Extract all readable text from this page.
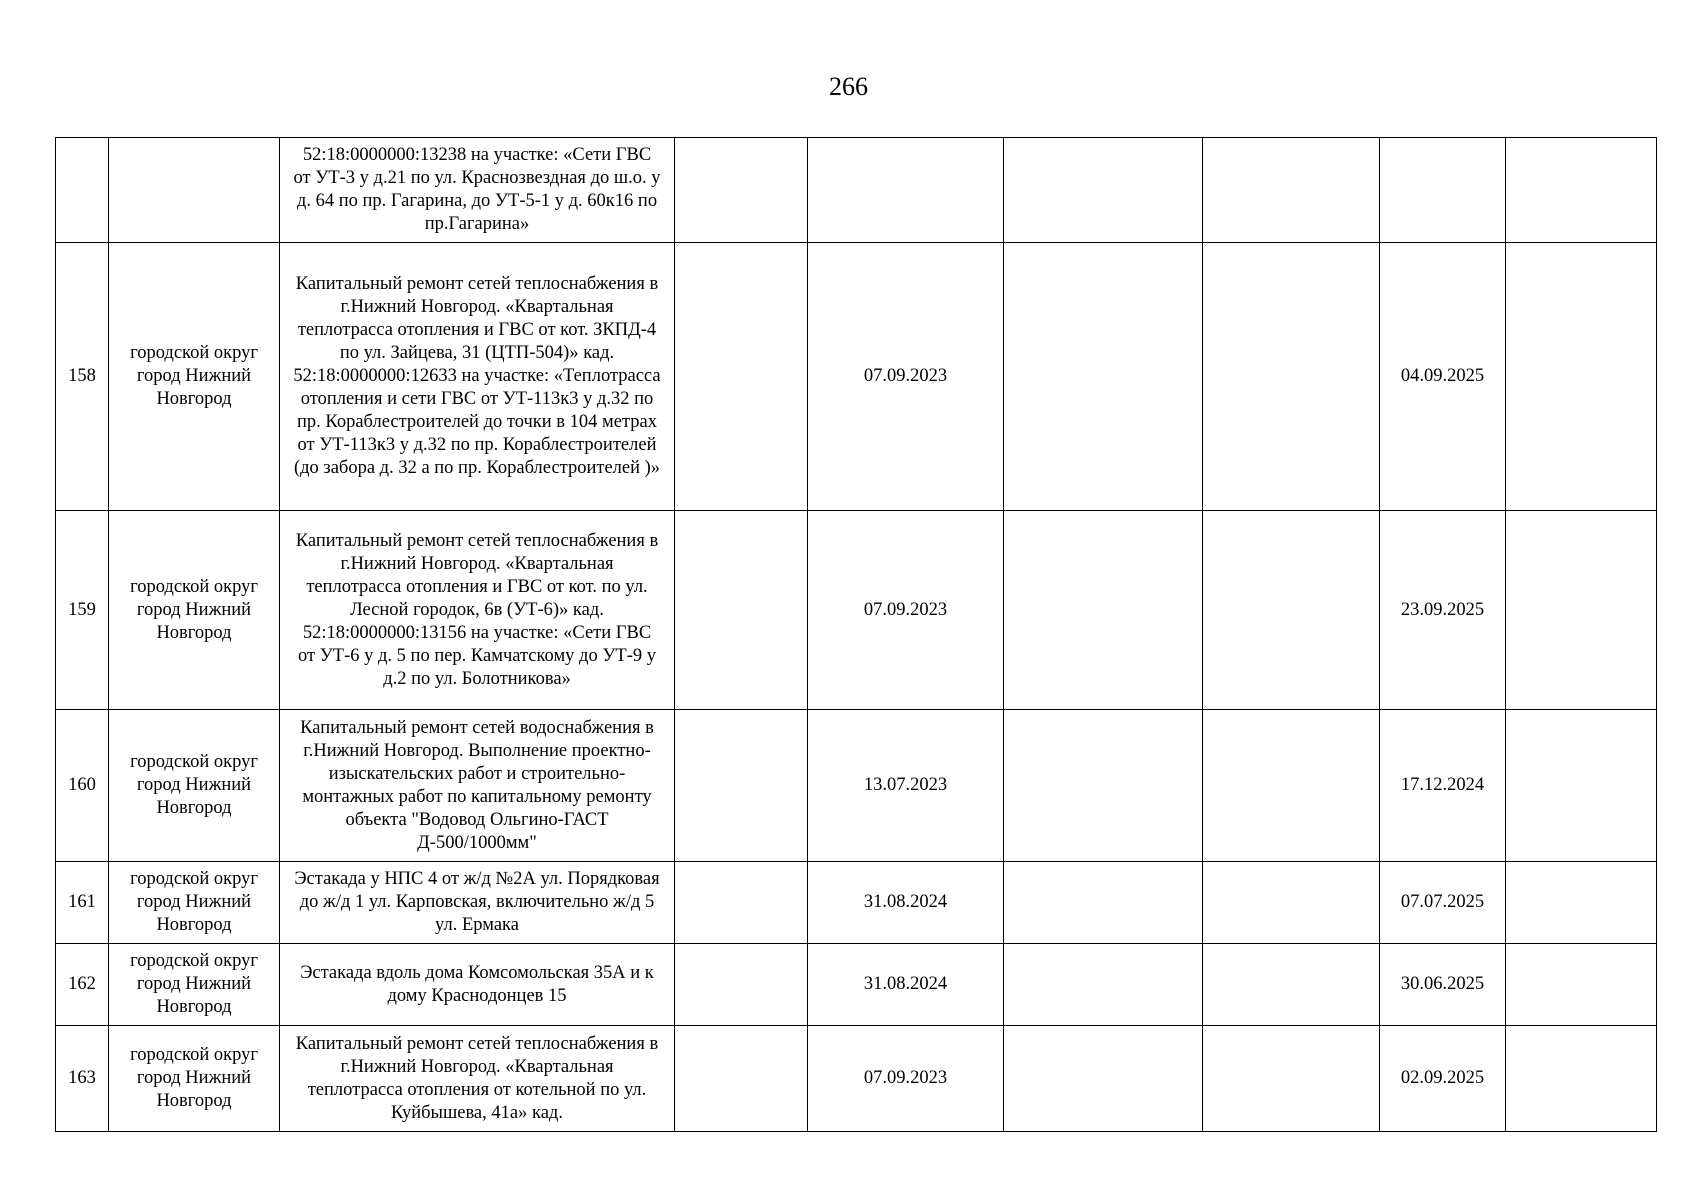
266
		52:18:0000000:13238 на участке: «Сети ГВС от УТ-3 у д.21 по ул. Краснозвездная до ш.о. у д. 64 по пр. Гагарина, до УТ-5-1 у д. 60к16 по пр.Гагарина»						
158	городской округ город Нижний Новгород	Капитальный ремонт сетей теплоснабжения в г.Нижний Новгород. «Квартальная теплотрасса отопления и ГВС от кот. ЗКПД-4 по ул. Зайцева, 31 (ЦТП-504)» кад. 52:18:0000000:12633 на участке: «Теплотрасса отопления и сети ГВС от УТ-113к3 у д.32 по пр. Кораблестроителей до точки в 104 метрах от УТ-113к3 у д.32 по пр. Кораблестроителей (до забора д. 32 а по пр. Кораблестроителей )»		07.09.2023			04.09.2025	
159	городской округ город Нижний Новгород	Капитальный ремонт сетей теплоснабжения в г.Нижний Новгород. «Квартальная теплотрасса отопления и ГВС от кот. по ул. Лесной городок, 6в (УТ-6)» кад. 52:18:0000000:13156 на участке: «Сети ГВС от УТ-6 у д. 5 по пер. Камчатскому до УТ-9 у д.2 по ул. Болотникова»		07.09.2023			23.09.2025	
160	городской округ город Нижний Новгород	Капитальный ремонт сетей водоснабжения в г.Нижний Новгород. Выполнение проектно-изыскательских работ и строительно-монтажных работ по капитальному ремонту объекта "Водовод Ольгино-ГАСТ Д-500/1000мм"		13.07.2023			17.12.2024	
161	городской округ город Нижний Новгород	Эстакада у НПС 4 от ж/д №2А ул. Порядковая до ж/д 1 ул. Карповская, включительно ж/д 5 ул. Ермака		31.08.2024			07.07.2025	
162	городской округ город Нижний Новгород	Эстакада вдоль дома Комсомольская 35А и к дому Краснодонцев 15		31.08.2024			30.06.2025	
163	городской округ город Нижний Новгород	Капитальный ремонт сетей теплоснабжения в г.Нижний Новгород. «Квартальная теплотрасса отопления от котельной по ул. Куйбышева, 41а» кад.		07.09.2023			02.09.2025	
